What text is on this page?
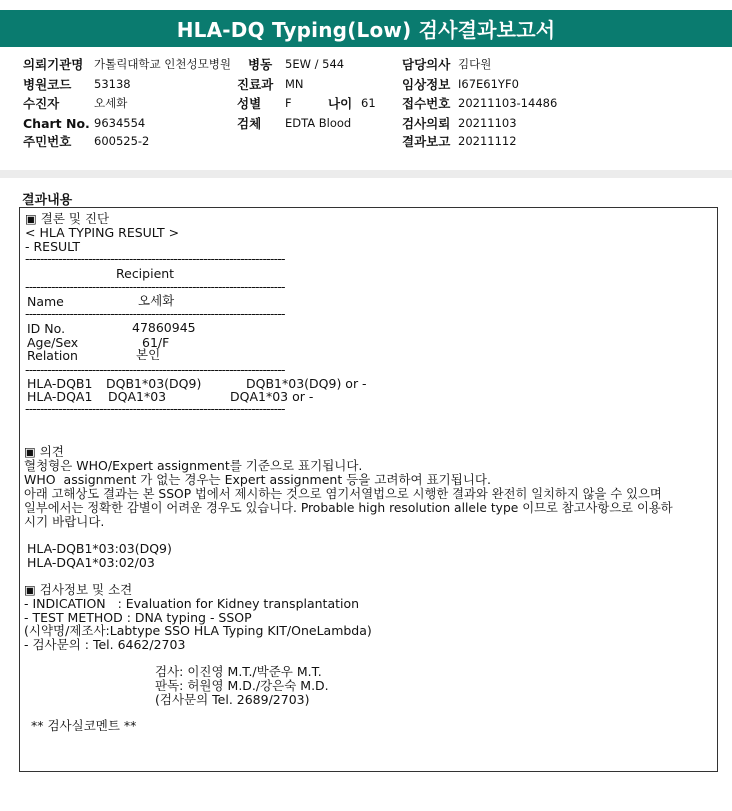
HLA-DQ Typing(Low) 검사결과보고서
의뢰기관명 가톨릭대학교 인천성모병원
병원코드 53138
수진자	오세화
Chart No. 9634554
주민번호 600525-2
병동 5EW / 544
진료과 MN
성별 F	나이 61
검체 EDTA Blood
담당의사 김다원
임상정보 I67E61YF0
접수번호 20211103-14486
검사의뢰 20211103
결과보고 20211112
결과내용
▣ 결론 및 진단
< HLA TYPING RESULT >
- RESULT
----------------------------------------------------------------------
Recipient
----------------------------------------------------------------------
Name	오세화
----------------------------------------------------------------------
ID No.	47860945
Age/Sex	61/F
Relation	본인
----------------------------------------------------------------------
HLA-DQB1 DQB1*03(DQ9)	DQB1*03(DQ9) or -
HLA-DQA1 DQA1*03	DQA1*03 or -
----------------------------------------------------------------------
▣ 의견
혈청형은 WHO/Expert assignment를 기준으로 표기됩니다.
WHO  assignment 가 없는 경우는 Expert assignment 등을 고려하여 표기됩니다.
아래 고해상도 결과는 본 SSOP 법에서 제시하는 것으로 염기서열법으로 시행한 결과와 완전히 일치하지 않을 수 있으며
일부에서는 정확한 감별이 어려운 경우도 있습니다. Probable high resolution allele type 이므로 참고사항으로 이용하
시기 바랍니다.
HLA-DQB1*03:03(DQ9)
HLA-DQA1*03:02/03
▣ 검사정보 및 소견
- INDICATION   : Evaluation for Kidney transplantation
- TEST METHOD : DNA typing - SSOP
(시약명/제조사:Labtype SSO HLA Typing KIT/OneLambda)
- 검사문의 : Tel. 6462/2703
검사: 이진영 M.T./박준우 M.T.
판독: 허원영 M.D./강은숙 M.D.
(검사문의 Tel. 2689/2703)
** 검사실코멘트 **
